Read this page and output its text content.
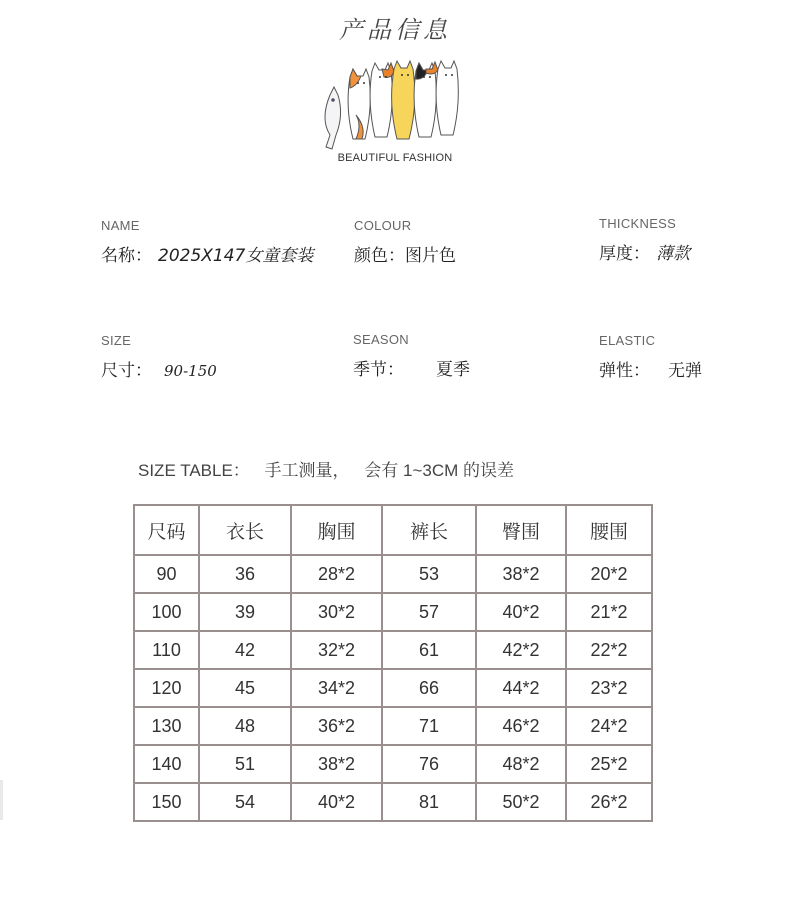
产品信息
BEAUTIFUL FASHION
NAME
名称： 2025X147女童套装
COLOUR
颜色： 图片色
THICKNESS
厚度： 薄款
SIZE
尺寸： 90-150
SEASON
季节： 夏季
ELASTIC
弹性： 无弹
SIZE TABLE： 手工测量， 会有 1~3CM 的误差
尺码	衣长	胸围	裤长	臀围	腰围
90	36	28*2	53	38*2	20*2
100	39	30*2	57	40*2	21*2
110	42	32*2	61	42*2	22*2
120	45	34*2	66	44*2	23*2
130	48	36*2	71	46*2	24*2
140	51	38*2	76	48*2	25*2
150	54	40*2	81	50*2	26*2
